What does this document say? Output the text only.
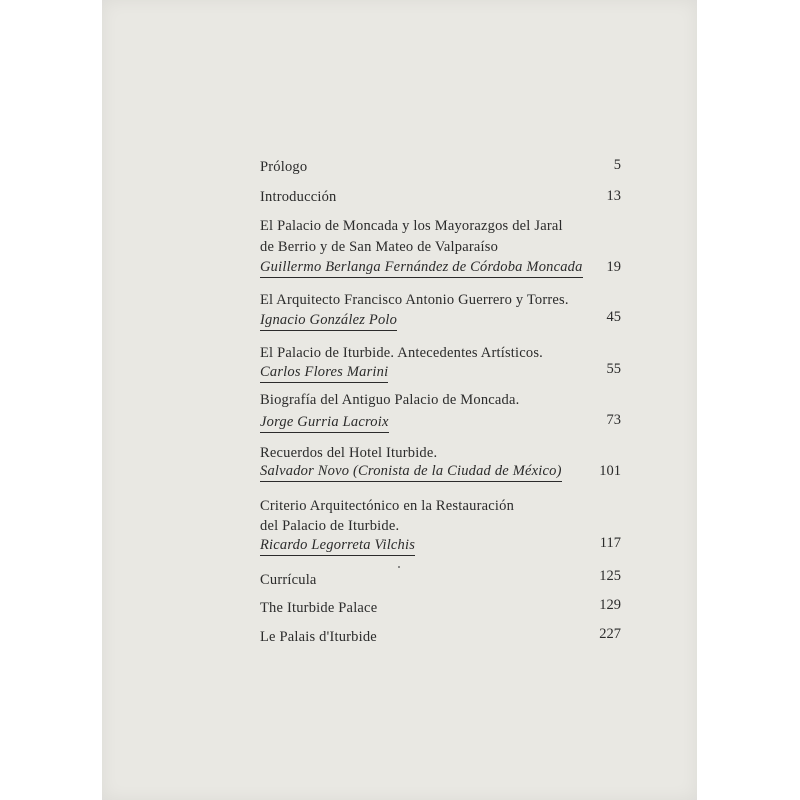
Prólogo	5
Introducción	13
El Palacio de Moncada y los Mayorazgos del Jaral
de Berrio y de San Mateo de Valparaíso
Guillermo Berlanga Fernández de Córdoba Moncada 19
El Arquitecto Francisco Antonio Guerrero y Torres.
Ignacio González Polo	45
El Palacio de Iturbide. Antecedentes Artísticos.
Carlos Flores Marini	55
Biografía del Antiguo Palacio de Moncada.
Jorge Gurria Lacroix	73
Recuerdos del Hotel Iturbide.
Salvador Novo (Cronista de la Ciudad de México)	101
Criterio Arquitectónico en la Restauración
del Palacio de Iturbide.
Ricardo Legorreta Vilchis	117
Currícula	125
The Iturbide Palace	129
Le Palais d'Iturbide	227
